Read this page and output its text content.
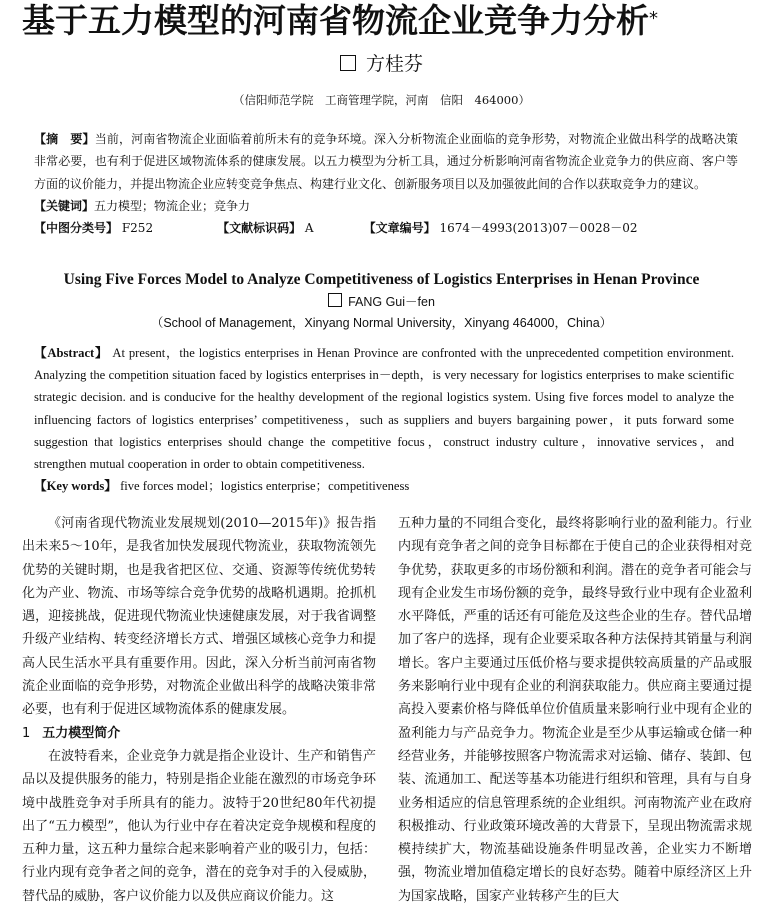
基于五力模型的河南省物流企业竞争力分析*
方桂芬
（信阳师范学院　工商管理学院，河南　信阳　464000）
【摘　要】当前，河南省物流企业面临着前所未有的竞争环境。深入分析物流企业面临的竞争形势，对物流企业做出科学的战略决策非常必要，也有利于促进区域物流体系的健康发展。以五力模型为分析工具，通过分析影响河南省物流企业竞争力的供应商、客户等方面的议价能力，并提出物流企业应转变竞争焦点、构建行业文化、创新服务项目以及加强彼此间的合作以获取竞争力的建议。
【关键词】五力模型；物流企业；竞争力
【中图分类号】 F252	【文献标识码】 A	【文章编号】 1674－4993(2013)07－0028－02
Using Five Forces Model to Analyze Competitiveness of Logistics Enterprises in Henan Province
FANG Gui－fen
（School of Management，Xinyang Normal University，Xinyang 464000，China）
【Abstract】 At present，the logistics enterprises in Henan Province are confronted with the unprecedented competition environment. Analyzing the competition situation faced by logistics enterprises in－depth，is very necessary for logistics enterprises to make scientific strategic decision. and is conducive for the healthy development of the regional logistics system. Using five forces model to analyze the influencing factors of logistics enterprises’ competitiveness，such as suppliers and buyers bargaining power，it puts forward some suggestion that logistics enterprises should change the competitive focus，construct industry culture，innovative services，and strengthen mutual cooperation in order to obtain competitiveness.
【Key words】 five forces model；logistics enterprise；competitiveness

《河南省现代物流业发展规划(2010—2015年)》报告指出未来5～10年，是我省加快发展现代物流业，获取物流领先优势的关键时期，也是我省把区位、交通、资源等传统优势转化为产业、物流、市场等综合竞争优势的战略机遇期。抢抓机遇，迎接挑战，促进现代物流业快速健康发展，对于我省调整升级产业结构、转变经济增长方式、增强区域核心竞争力和提高人民生活水平具有重要作用。因此，深入分析当前河南省物流企业面临的竞争形势，对物流企业做出科学的战略决策非常必要，也有利于促进区域物流体系的健康发展。

1 五力模型简介

在波特看来，企业竞争力就是指企业设计、生产和销售产品以及提供服务的能力，特别是指企业能在激烈的市场竞争环境中战胜竞争对手所具有的能力。波特于20世纪80年代初提出了“五力模型”，他认为行业中存在着决定竞争规模和程度的五种力量，这五种力量综合起来影响着产业的吸引力，包括：行业内现有竞争者之间的竞争，潜在的竞争对手的入侵威胁，替代品的威胁，客户议价能力以及供应商议价能力。这

五种力量的不同组合变化，最终将影响行业的盈利能力。行业内现有竞争者之间的竞争目标都在于使自己的企业获得相对竞争优势，获取更多的市场份额和利润。潜在的竞争者可能会与现有企业发生市场份额的竞争，最终导致行业中现有企业盈利水平降低，严重的话还有可能危及这些企业的生存。替代品增加了客户的选择，现有企业要采取各种方法保持其销量与利润增长。客户主要通过压低价格与要求提供较高质量的产品或服务来影响行业中现有企业的利润获取能力。供应商主要通过提高投入要素价格与降低单位价值质量来影响行业中现有企业的盈利能力与产品竞争力。物流企业是至少从事运输或仓储一种经营业务，并能够按照客户物流需求对运输、储存、装卸、包装、流通加工、配送等基本功能进行组织和管理，具有与自身业务相适应的信息管理系统的企业组织。河南物流产业在政府积极推动、行业政策环境改善的大背景下，呈现出物流需求规模持续扩大，物流基础设施条件明显改善，企业实力不断增强，物流业增加值稳定增长的良好态势。随着中原经济区上升为国家战略，国家产业转移产生的巨大
